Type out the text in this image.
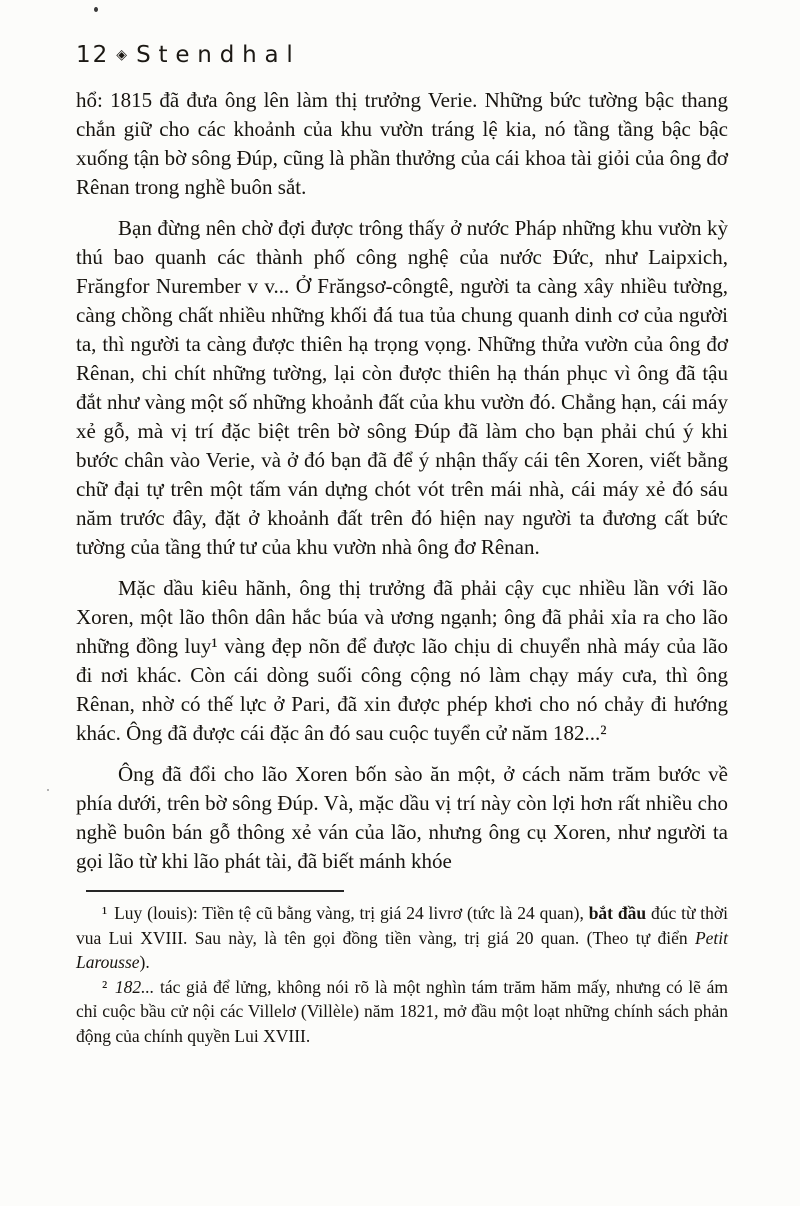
12 ◈ Stendhal

hổ: 1815 đã đưa ông lên làm thị trưởng Verie. Những bức tường bậc thang chắn giữ cho các khoảnh của khu vườn tráng lệ kia, nó tầng tầng bậc bậc xuống tận bờ sông Đúp, cũng là phần thưởng của cái khoa tài giỏi của ông đơ Rênan trong nghề buôn sắt.

Bạn đừng nên chờ đợi được trông thấy ở nước Pháp những khu vườn kỳ thú bao quanh các thành phố công nghệ của nước Đức, như Laipxich, Frăngfor Nurember v v... Ở Frăngsơ-côngtê, người ta càng xây nhiều tường, càng chồng chất nhiều những khối đá tua tủa chung quanh dinh cơ của người ta, thì người ta càng được thiên hạ trọng vọng. Những thửa vườn của ông đơ Rênan, chi chít những tường, lại còn được thiên hạ thán phục vì ông đã tậu đắt như vàng một số những khoảnh đất của khu vườn đó. Chẳng hạn, cái máy xẻ gỗ, mà vị trí đặc biệt trên bờ sông Đúp đã làm cho bạn phải chú ý khi bước chân vào Verie, và ở đó bạn đã để ý nhận thấy cái tên Xoren, viết bằng chữ đại tự trên một tấm ván dựng chót vót trên mái nhà, cái máy xẻ đó sáu năm trước đây, đặt ở khoảnh đất trên đó hiện nay người ta đương cất bức tường của tầng thứ tư của khu vườn nhà ông đơ Rênan.

Mặc dầu kiêu hãnh, ông thị trưởng đã phải cậy cục nhiều lần với lão Xoren, một lão thôn dân hắc búa và ương ngạnh; ông đã phải xỉa ra cho lão những đồng luy¹ vàng đẹp nõn để được lão chịu di chuyển nhà máy của lão đi nơi khác. Còn cái dòng suối công cộng nó làm chạy máy cưa, thì ông Rênan, nhờ có thế lực ở Pari, đã xin được phép khơi cho nó chảy đi hướng khác. Ông đã được cái đặc ân đó sau cuộc tuyển cử năm 182...²

Ông đã đổi cho lão Xoren bốn sào ăn một, ở cách năm trăm bước về phía dưới, trên bờ sông Đúp. Và, mặc dầu vị trí này còn lợi hơn rất nhiều cho nghề buôn bán gỗ thông xẻ ván của lão, nhưng ông cụ Xoren, như người ta gọi lão từ khi lão phát tài, đã biết mánh khóe

¹ Luy (louis): Tiền tệ cũ bằng vàng, trị giá 24 livrơ (tức là 24 quan), bắt đầu đúc từ thời vua Lui XVIII. Sau này, là tên gọi đồng tiền vàng, trị giá 20 quan. (Theo tự điển Petit Larousse).

² 182... tác giả để lửng, không nói rõ là một nghìn tám trăm hăm mấy, nhưng có lẽ ám chỉ cuộc bầu cử nội các Villelơ (Villèle) năm 1821, mở đầu một loạt những chính sách phản động của chính quyền Lui XVIII.
